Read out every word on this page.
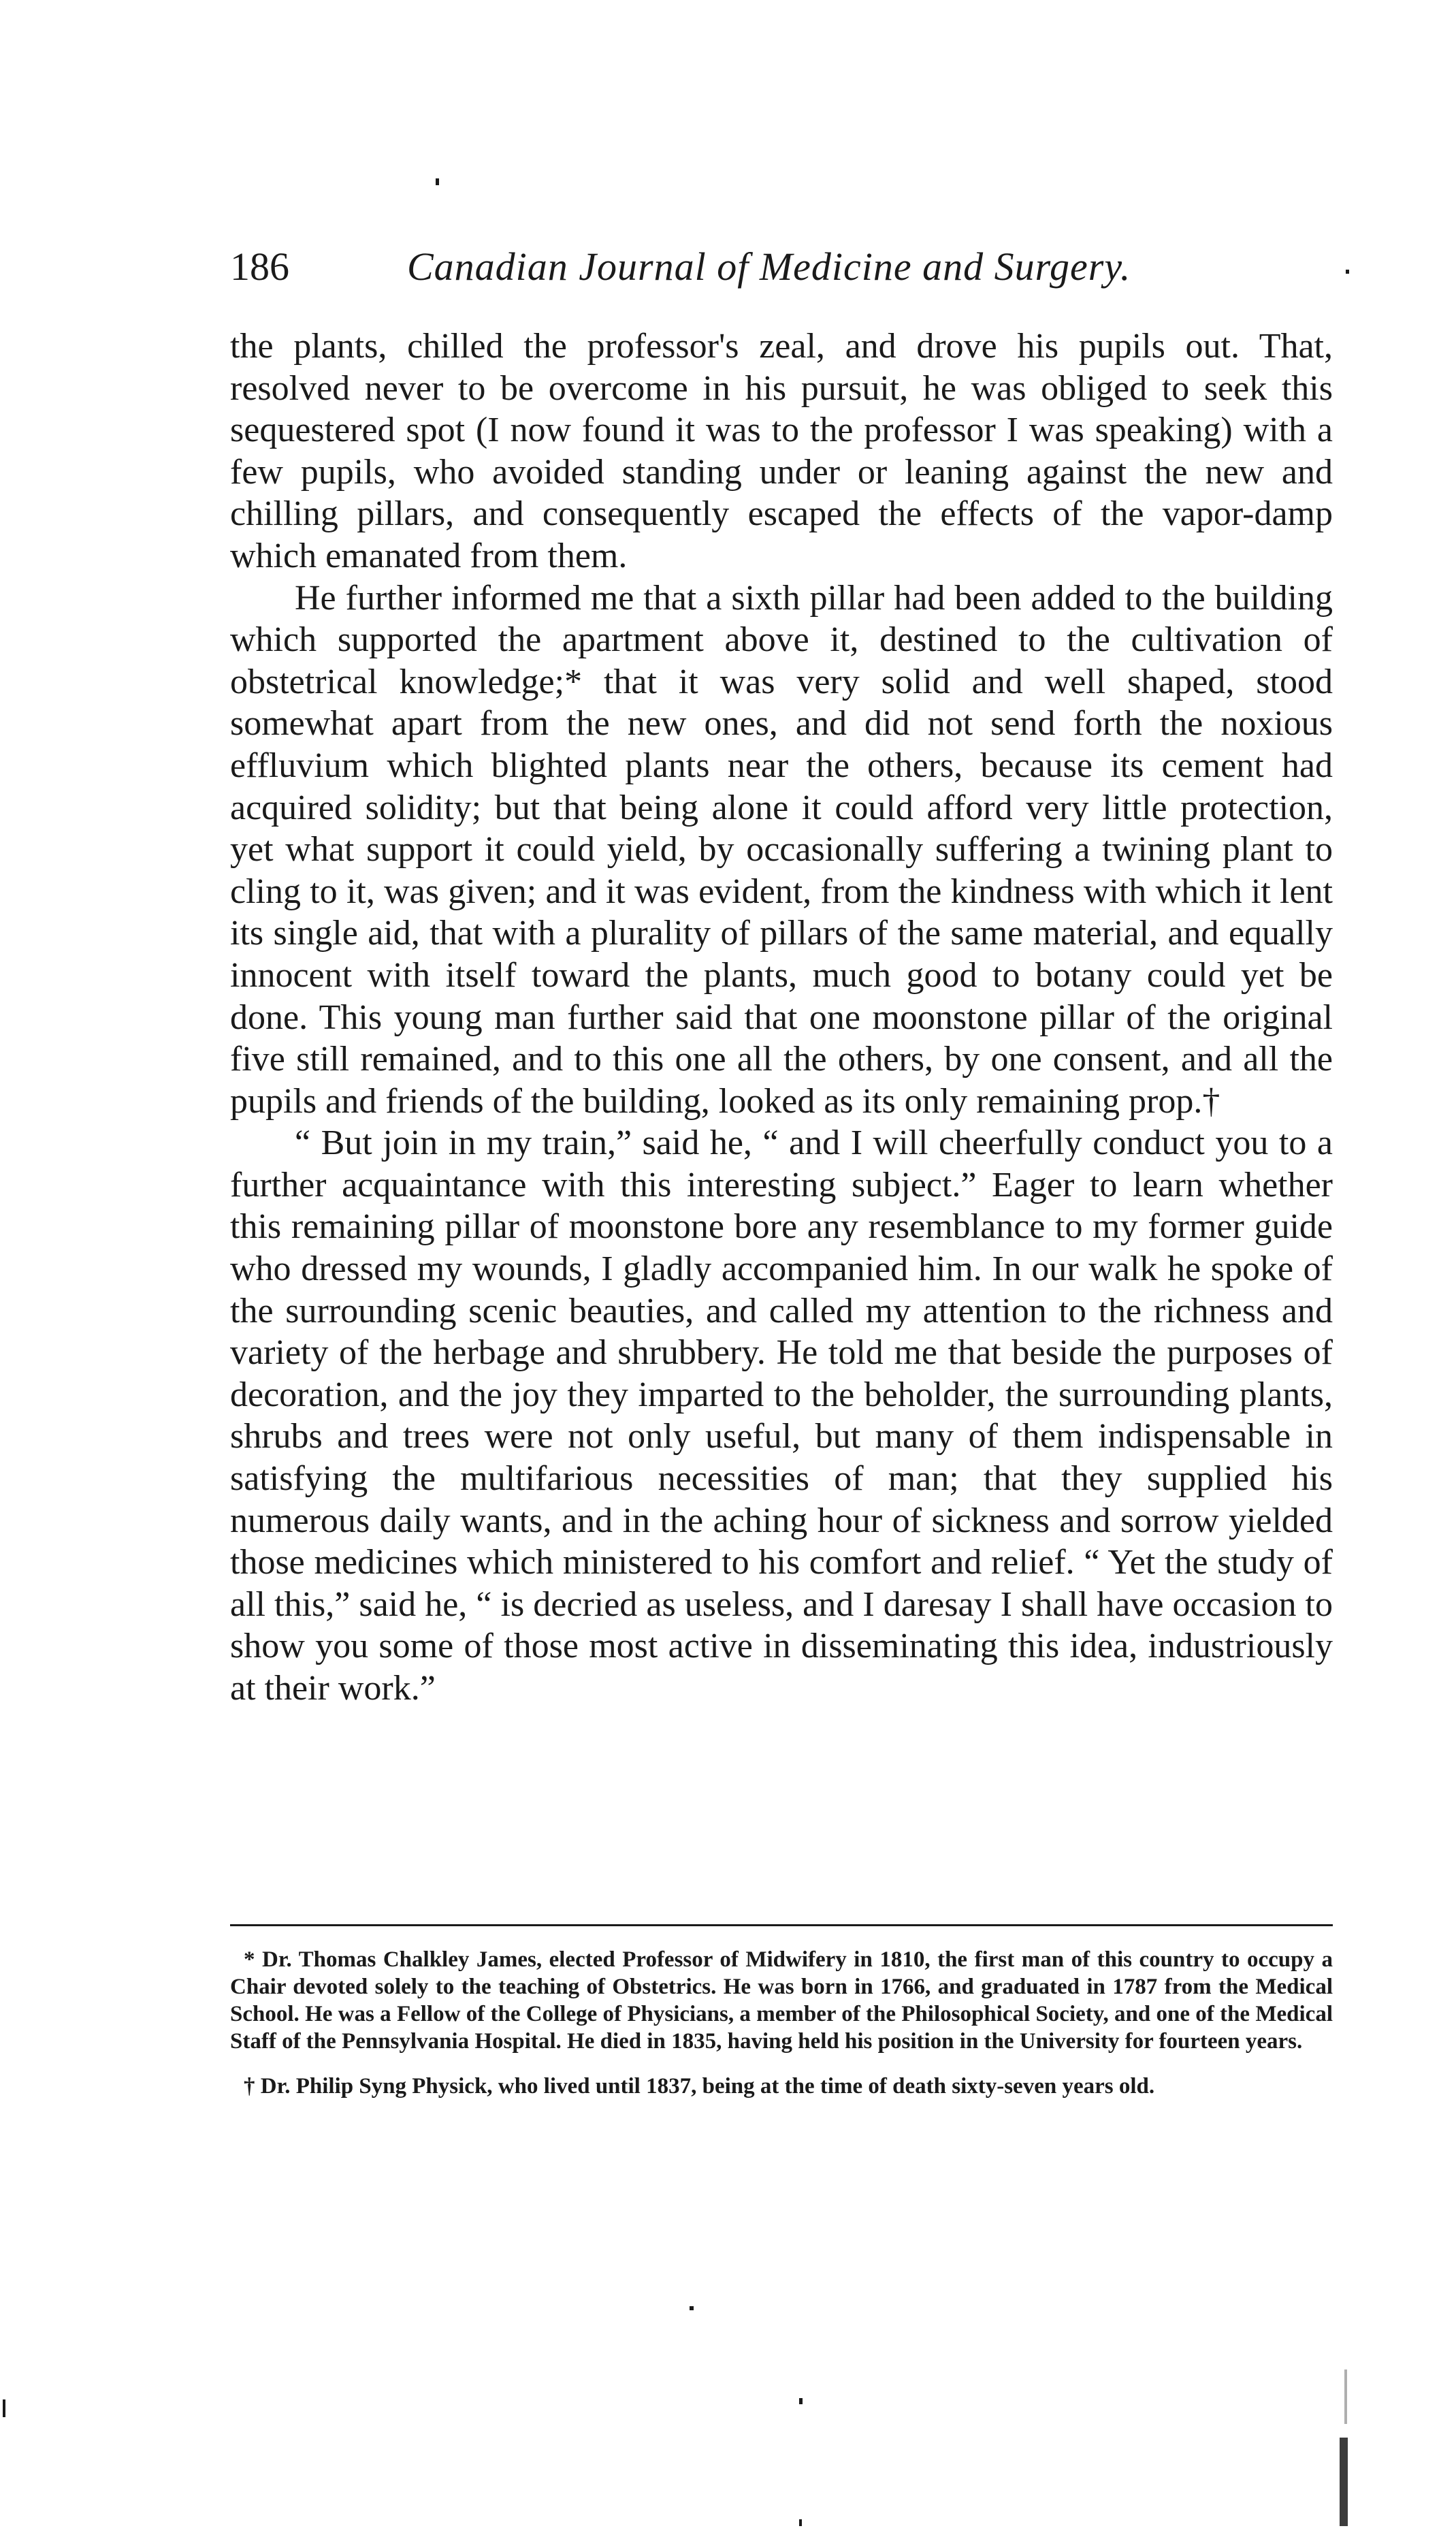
186	Canadian Journal of Medicine and Surgery.

the plants, chilled the professor's zeal, and drove his pupils out. That, resolved never to be overcome in his pursuit, he was obliged to seek this sequestered spot (I now found it was to the professor I was speaking) with a few pupils, who avoided standing under or leaning against the new and chilling pillars, and consequently escaped the effects of the vapor-damp which emanated from them.

He further informed me that a sixth pillar had been added to the building which supported the apartment above it, destined to the cultivation of obstetrical knowledge;* that it was very solid and well shaped, stood somewhat apart from the new ones, and did not send forth the noxious effluvium which blighted plants near the others, because its cement had acquired solidity; but that being alone it could afford very little protection, yet what support it could yield, by occasionally suffering a twining plant to cling to it, was given; and it was evident, from the kindness with which it lent its single aid, that with a plurality of pillars of the same material, and equally innocent with itself toward the plants, much good to botany could yet be done. This young man further said that one moonstone pillar of the original five still remained, and to this one all the others, by one consent, and all the pupils and friends of the building, looked as its only remaining prop.†

“ But join in my train,” said he, “ and I will cheerfully conduct you to a further acquaintance with this interesting subject.” Eager to learn whether this remaining pillar of moonstone bore any resemblance to my former guide who dressed my wounds, I gladly accompanied him. In our walk he spoke of the surrounding scenic beauties, and called my attention to the richness and variety of the herbage and shrubbery. He told me that beside the purposes of decoration, and the joy they imparted to the beholder, the surrounding plants, shrubs and trees were not only useful, but many of them indispensable in satisfying the multifarious necessities of man; that they supplied his numerous daily wants, and in the aching hour of sickness and sorrow yielded those medicines which ministered to his comfort and relief. “ Yet the study of all this,” said he, “ is decried as useless, and I daresay I shall have occasion to show you some of those most active in disseminating this idea, industriously at their work.”

* Dr. Thomas Chalkley James, elected Professor of Midwifery in 1810, the first man of this country to occupy a Chair devoted solely to the teaching of Obstetrics. He was born in 1766, and graduated in 1787 from the Medical School. He was a Fellow of the College of Physicians, a member of the Philosophical Society, and one of the Medical Staff of the Pennsylvania Hospital. He died in 1835, having held his position in the University for fourteen years.

† Dr. Philip Syng Physick, who lived until 1837, being at the time of death sixty-seven years old.
